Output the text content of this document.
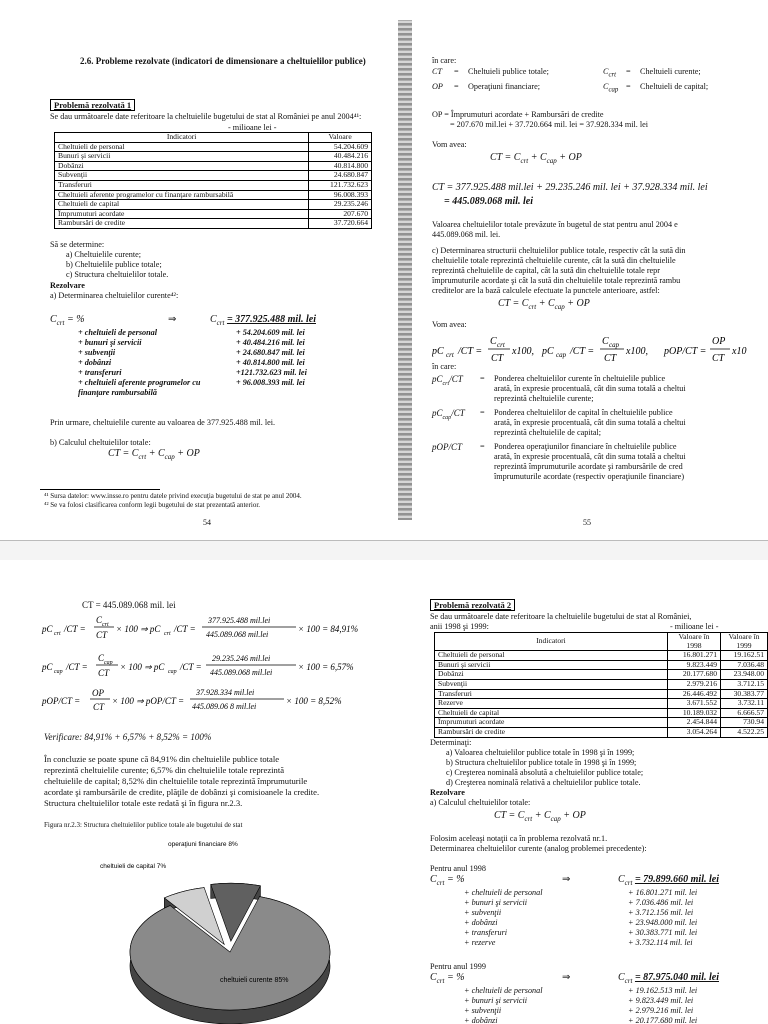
2.6. Probleme rezolvate (indicatori de dimensionare a cheltuielilor publice)
Problemă rezolvată 1
Se dau următoarele date referitoare la cheltuielile bugetului de stat al României pe anul 2004⁴¹:
- milioane lei -
Indicatori	Valoare
Cheltuieli de personal	54.204.609
Bunuri şi servicii	40.484.216
Dobânzi	40.814.800
Subvenţii	24.680.847
Transferuri	121.732.623
Cheltuieli aferente programelor cu finanţare rambursabilă	96.008.393
Cheltuieli de capital	29.235.246
Împrumuturi acordate	207.670
Rambursări de credite	37.720.664
Să se determine:
a) Cheltuielile curente;
b) Cheltuielile publice totale;
c) Structura cheltuielilor totale.
Rezolvare
a) Determinarea cheltuielilor curente⁴²:
$C_{crt}$ = %	⇒	$C_{crt} = 377.925.488$ mil. lei
+ cheltuieli de personal	+ 54.204.609 mil. lei
+ bunuri şi servicii	+ 40.484.216 mil. lei
+ subvenţii	+ 24.680.847 mil. lei
+ dobânzi	+ 40.814.800 mil. lei
+ transferuri	+121.732.623 mil. lei
+ cheltuieli aferente programelor cu	+ 96.008.393 mil. lei
finanţare rambursabilă
Prin urmare, cheltuielile curente au valoarea de 377.925.488 mil. lei.
b) Calculul cheltuielilor totale:
CT = $C_{crt} + C_{cap}$ + OP
⁴¹ Sursa datelor: www.insse.ro pentru datele privind execuţia bugetului de stat pe anul 2004.
⁴² Se va folosi clasificarea conform legii bugetului de stat prezentată anterior.
54
în care:
CT = Cheltuieli publice totale;
OP = Operaţiuni financiare;
$C_{crt}$ = Cheltuieli curente;
$C_{cap}$ = Cheltuieli de capital;
OP = Împrumuturi acordate + Rambursări de credite
= 207.670 mil.lei + 37.720.664 mil. lei = 37.928.334 mil. lei
Vom avea:
CT = $C_{crt} + C_{cap}$ + OP
CT = 377.925.488 mil.lei + 29.235.246 mil. lei + 37.928.334 mil. lei
= 445.089.068 mil. lei
Valoarea cheltuielilor totale prevăzute în bugetul de stat pentru anul 2004 e
445.089.068 mil. lei.
c) Determinarea structurii cheltuielilor publice totale, respectiv cât la sută din
cheltuielile totale reprezintă cheltuielile curente, cât la sută din cheltuielile
reprezintă cheltuielile de capital, cât la sută din cheltuielile totale repr
împrumuturile acordate şi cât la sută din cheltuielile totale reprezintă rambu
creditelor are la bază calculele efectuate la punctele anterioare, astfel:
CT = $C_{crt} + C_{cap}$ + OP
Vom avea:
pC crt /CT =
C crt
CT
x100, pC cap /CT =
C cap
CT
x100, pOP/CT =
OP
CT
x10
în care:
$pC_{crt}/CT$ = Ponderea cheltuielilor curente în cheltuielile publice
arată, în expresie procentuală, cât din suma totală a cheltui
reprezintă cheltuielile curente;
$pC_{cap}/CT$ = Ponderea cheltuielilor de capital în cheltuielile publice
arată, în expresie procentuală, cât din suma totală a cheltui
reprezintă cheltuielile de capital;
pOP/CT = Ponderea operaţiunilor financiare în cheltuielile publice
arată, în expresie procentuală, cât din suma totală a cheltui
reprezintă împrumuturile acordate şi rambursările de cred
împrumuturile acordate (respectiv operaţiunile financiare)
55
CT = 445.089.068 mil. lei
pC crt /CT =
C crt
CT
× 100 ⇒ pC crt /CT =	× 100 = 84,91%
pC cap /CT =
C cap
CT
× 100 ⇒ pC cap /CT =	× 100 = 6,57%
pOP/CT =
OP
CT
× 100 ⇒ pOP/CT =	× 100 = 8,52%
377.925.488 mil.lei
445.089.068 mil.lei
29.235.246 mil.lei
445.089.068 mil.lei
37.928.334 mil.lei
445.089.06 8 mil.lei
Verificare: 84,91% + 6,57% + 8,52% = 100%
În concluzie se poate spune că 84,91% din cheltuielile publice totale
reprezintă cheltuielile curente; 6,57% din cheltuielile totale reprezintă
cheltuielile de capital; 8,52% din cheltuielile totale reprezintă împrumuturile
acordate şi rambursările de credite, plăţile de dobânzi şi comisioanele la credite.
Structura cheltuielilor totale este redată şi în figura nr.2.3.
Figura nr.2.3: Structura cheltuielilor publice totale ale bugetului de stat
operaţiuni financiare 8%
cheltuieli de capital 7%
cheltuieli curente 85%
Problemă rezolvată 2
Se dau următoarele date referitoare la cheltuielile bugetului de stat al României,
anii 1998 şi 1999:	- milioane lei -
Indicatori	Valoare în 1998	Valoare în 1999
Cheltuieli de personal	16.801.271	19.162.51
Bunuri şi servicii	9.823.449	7.036.48
Dobânzi	20.177.680	23.948.00
Subvenţii	2.979.216	3.712.15
Transferuri	26.446.492	30.383.77
Rezerve	3.671.552	3.732.11
Cheltuieli de capital	10.189.032	6.666.57
Împrumuturi acordate	2.454.844	730.94
Rambursări de credite	3.054.264	4.522.25
Determinaţi:
a) Valoarea cheltuielilor publice totale în 1998 şi în 1999;
b) Structura cheltuielilor publice totale în 1998 şi în 1999;
c) Creşterea nominală absolută a cheltuielilor publice totale;
d) Creşterea nominală relativă a cheltuielilor publice totale.
Rezolvare
a) Calculul cheltuielilor totale:
CT = $C_{crt} + C_{cap}$ + OP
Folosim aceleaşi notaţii ca în problema rezolvată nr.1.
Determinarea cheltuielilor curente (analog problemei precedente):
Pentru anul 1998
$C_{crt}$ = %	⇒	$C_{crt} = 79.899.660$ mil. lei
+ cheltuieli de personal	+ 16.801.271 mil. lei
+ bunuri şi servicii	+ 7.036.486 mil. lei
+ subvenţii	+ 3.712.156 mil. lei
+ dobânzi	+ 23.948.000 mil. lei
+ transferuri	+ 30.383.771 mil. lei
+ rezerve	+ 3.732.114 mil. lei
Pentru anul 1999
$C_{crt}$ = %	⇒	$C_{crt} = 87.975.040$ mil. lei
+ cheltuieli de personal	+ 19.162.513 mil. lei
+ bunuri şi servicii	+ 9.823.449 mil. lei
+ subvenţii	+ 2.979.216 mil. lei
+ dobânzi	+ 20.177.680 mil. lei
